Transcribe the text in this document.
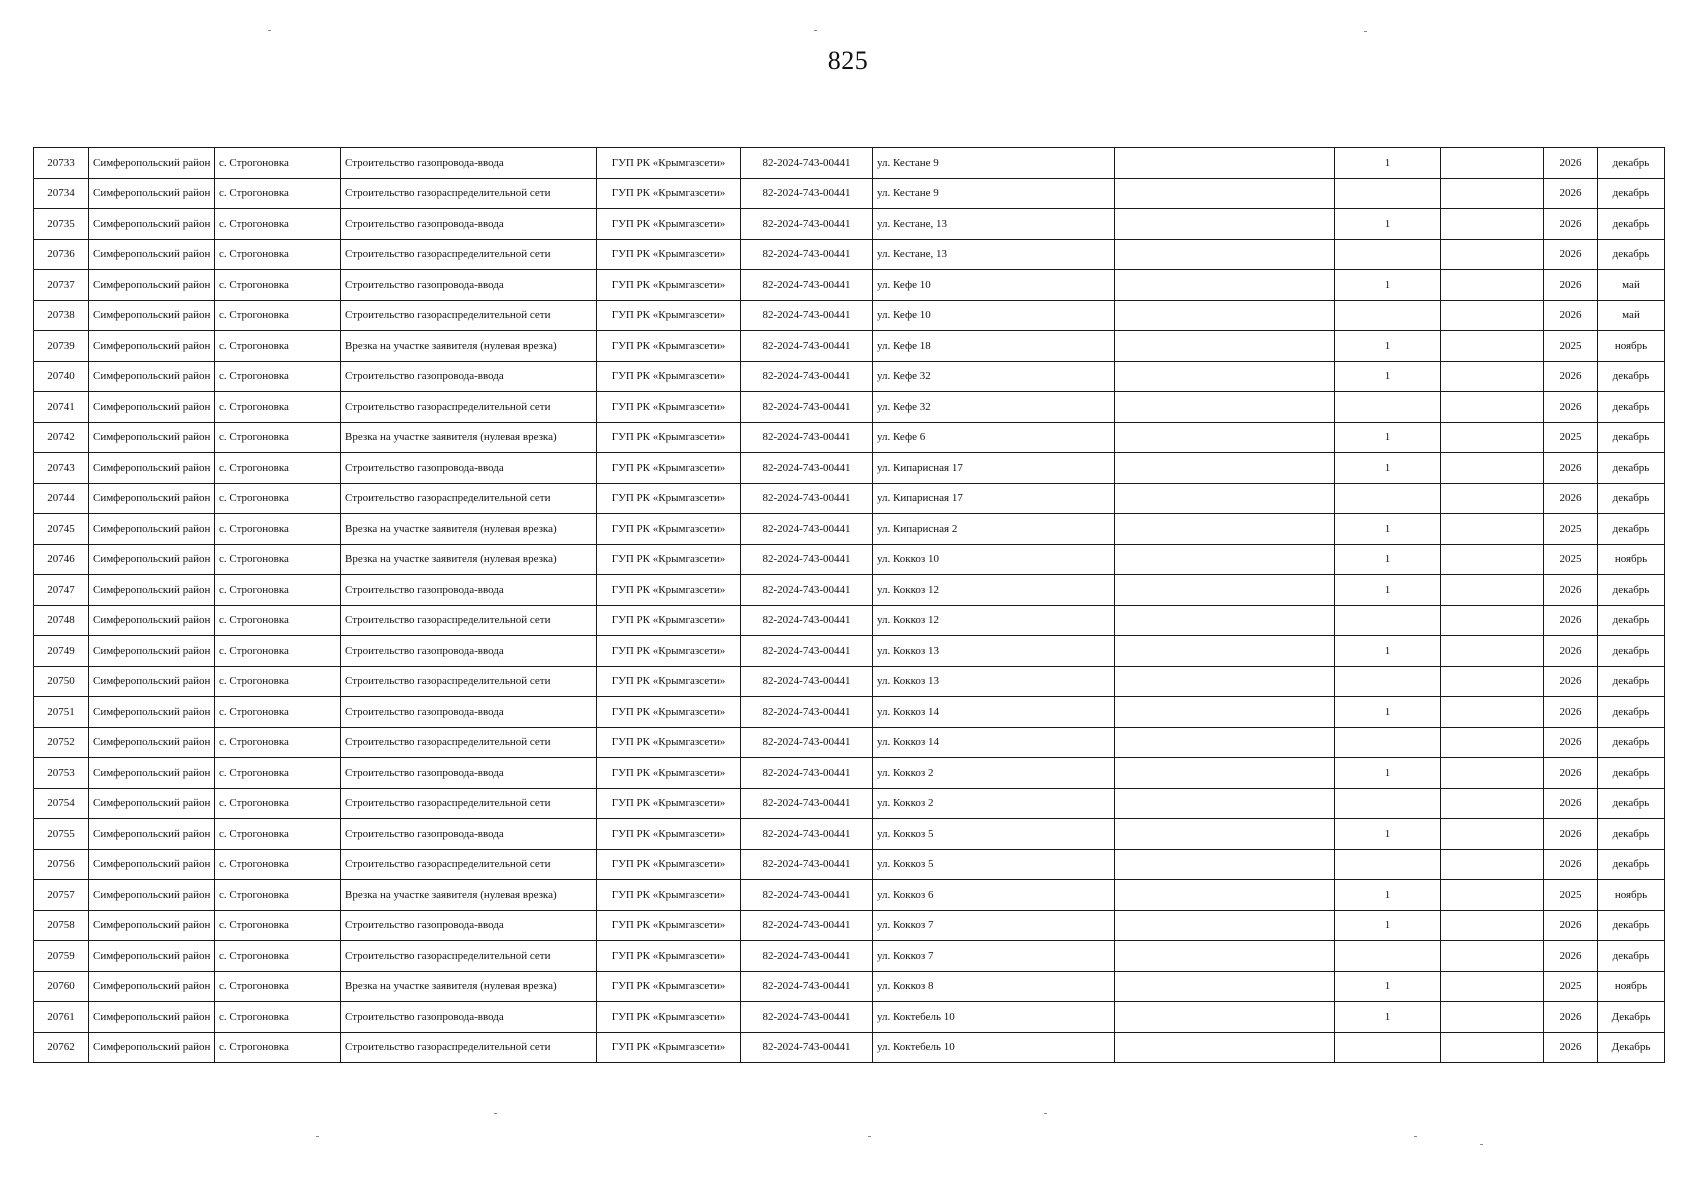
825
20733	Симферопольский район	с. Строгоновка	Строительство газопровода-ввода	ГУП РК «Крымгазсети»	82-2024-743-00441	ул. Кестане 9		1		2026	декабрь
20734	Симферопольский район	с. Строгоновка	Строительство газораспределительной сети	ГУП РК «Крымгазсети»	82-2024-743-00441	ул. Кестане 9				2026	декабрь
20735	Симферопольский район	с. Строгоновка	Строительство газопровода-ввода	ГУП РК «Крымгазсети»	82-2024-743-00441	ул. Кестане, 13		1		2026	декабрь
20736	Симферопольский район	с. Строгоновка	Строительство газораспределительной сети	ГУП РК «Крымгазсети»	82-2024-743-00441	ул. Кестане, 13				2026	декабрь
20737	Симферопольский район	с. Строгоновка	Строительство газопровода-ввода	ГУП РК «Крымгазсети»	82-2024-743-00441	ул. Кефе 10		1		2026	май
20738	Симферопольский район	с. Строгоновка	Строительство газораспределительной сети	ГУП РК «Крымгазсети»	82-2024-743-00441	ул. Кефе 10				2026	май
20739	Симферопольский район	с. Строгоновка	Врезка на участке заявителя (нулевая врезка)	ГУП РК «Крымгазсети»	82-2024-743-00441	ул. Кефе 18		1		2025	ноябрь
20740	Симферопольский район	с. Строгоновка	Строительство газопровода-ввода	ГУП РК «Крымгазсети»	82-2024-743-00441	ул. Кефе 32		1		2026	декабрь
20741	Симферопольский район	с. Строгоновка	Строительство газораспределительной сети	ГУП РК «Крымгазсети»	82-2024-743-00441	ул. Кефе 32				2026	декабрь
20742	Симферопольский район	с. Строгоновка	Врезка на участке заявителя (нулевая врезка)	ГУП РК «Крымгазсети»	82-2024-743-00441	ул. Кефе 6		1		2025	декабрь
20743	Симферопольский район	с. Строгоновка	Строительство газопровода-ввода	ГУП РК «Крымгазсети»	82-2024-743-00441	ул. Кипарисная 17		1		2026	декабрь
20744	Симферопольский район	с. Строгоновка	Строительство газораспределительной сети	ГУП РК «Крымгазсети»	82-2024-743-00441	ул. Кипарисная 17				2026	декабрь
20745	Симферопольский район	с. Строгоновка	Врезка на участке заявителя (нулевая врезка)	ГУП РК «Крымгазсети»	82-2024-743-00441	ул. Кипарисная 2		1		2025	декабрь
20746	Симферопольский район	с. Строгоновка	Врезка на участке заявителя (нулевая врезка)	ГУП РК «Крымгазсети»	82-2024-743-00441	ул. Коккоз 10		1		2025	ноябрь
20747	Симферопольский район	с. Строгоновка	Строительство газопровода-ввода	ГУП РК «Крымгазсети»	82-2024-743-00441	ул. Коккоз 12		1		2026	декабрь
20748	Симферопольский район	с. Строгоновка	Строительство газораспределительной сети	ГУП РК «Крымгазсети»	82-2024-743-00441	ул. Коккоз 12				2026	декабрь
20749	Симферопольский район	с. Строгоновка	Строительство газопровода-ввода	ГУП РК «Крымгазсети»	82-2024-743-00441	ул. Коккоз 13		1		2026	декабрь
20750	Симферопольский район	с. Строгоновка	Строительство газораспределительной сети	ГУП РК «Крымгазсети»	82-2024-743-00441	ул. Коккоз 13				2026	декабрь
20751	Симферопольский район	с. Строгоновка	Строительство газопровода-ввода	ГУП РК «Крымгазсети»	82-2024-743-00441	ул. Коккоз 14		1		2026	декабрь
20752	Симферопольский район	с. Строгоновка	Строительство газораспределительной сети	ГУП РК «Крымгазсети»	82-2024-743-00441	ул. Коккоз 14				2026	декабрь
20753	Симферопольский район	с. Строгоновка	Строительство газопровода-ввода	ГУП РК «Крымгазсети»	82-2024-743-00441	ул. Коккоз 2		1		2026	декабрь
20754	Симферопольский район	с. Строгоновка	Строительство газораспределительной сети	ГУП РК «Крымгазсети»	82-2024-743-00441	ул. Коккоз 2				2026	декабрь
20755	Симферопольский район	с. Строгоновка	Строительство газопровода-ввода	ГУП РК «Крымгазсети»	82-2024-743-00441	ул. Коккоз 5		1		2026	декабрь
20756	Симферопольский район	с. Строгоновка	Строительство газораспределительной сети	ГУП РК «Крымгазсети»	82-2024-743-00441	ул. Коккоз 5				2026	декабрь
20757	Симферопольский район	с. Строгоновка	Врезка на участке заявителя (нулевая врезка)	ГУП РК «Крымгазсети»	82-2024-743-00441	ул. Коккоз 6		1		2025	ноябрь
20758	Симферопольский район	с. Строгоновка	Строительство газопровода-ввода	ГУП РК «Крымгазсети»	82-2024-743-00441	ул. Коккоз 7		1		2026	декабрь
20759	Симферопольский район	с. Строгоновка	Строительство газораспределительной сети	ГУП РК «Крымгазсети»	82-2024-743-00441	ул. Коккоз 7				2026	декабрь
20760	Симферопольский район	с. Строгоновка	Врезка на участке заявителя (нулевая врезка)	ГУП РК «Крымгазсети»	82-2024-743-00441	ул. Коккоз 8		1		2025	ноябрь
20761	Симферопольский район	с. Строгоновка	Строительство газопровода-ввода	ГУП РК «Крымгазсети»	82-2024-743-00441	ул. Коктебель 10		1		2026	Декабрь
20762	Симферопольский район	с. Строгоновка	Строительство газораспределительной сети	ГУП РК «Крымгазсети»	82-2024-743-00441	ул. Коктебель 10				2026	Декабрь
